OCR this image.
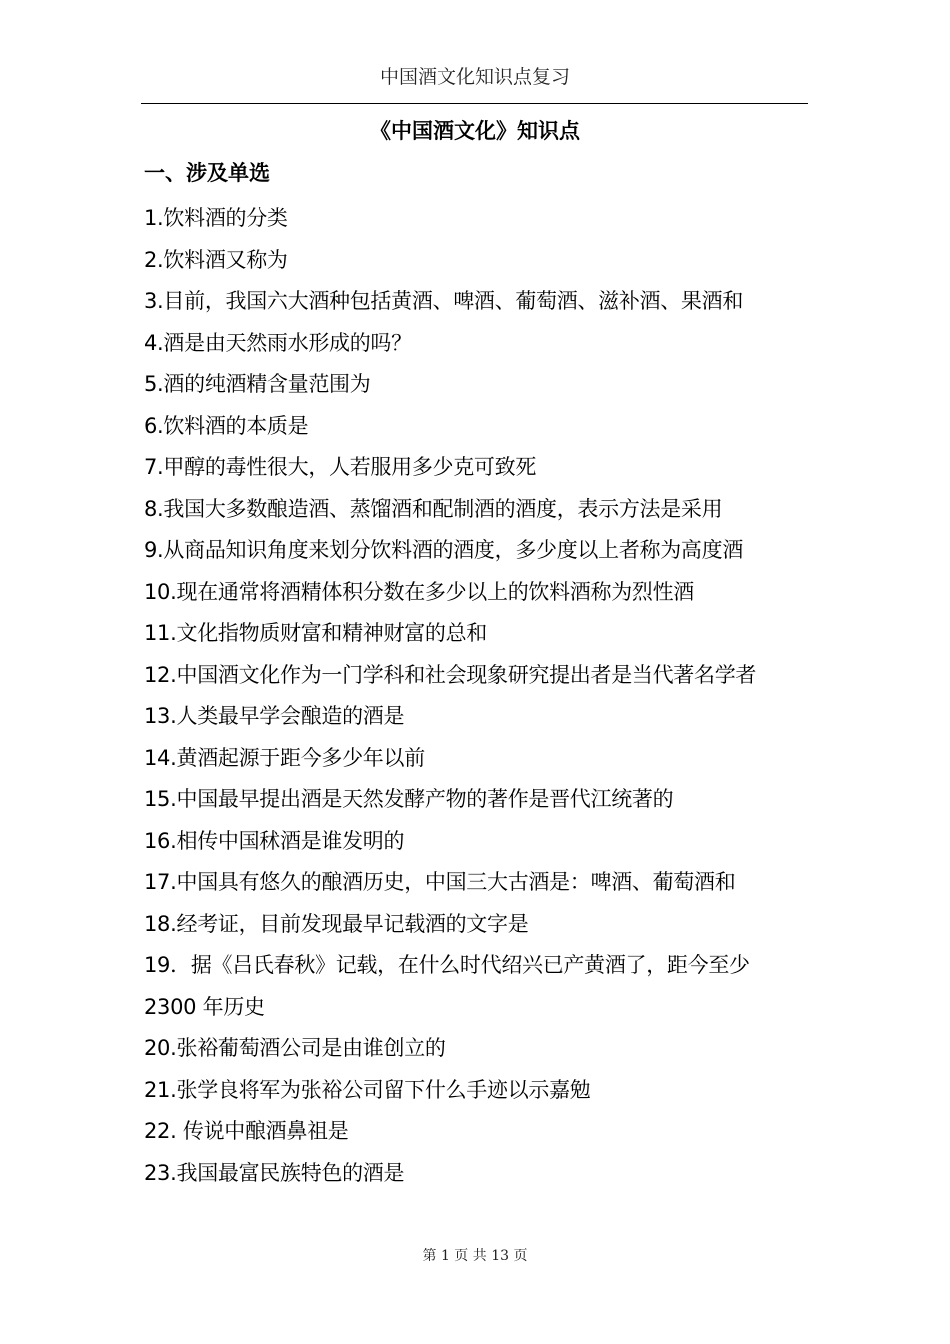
中国酒文化知识点复习
《中国酒文化》知识点
一、涉及单选
1.饮料酒的分类
2.饮料酒又称为
3.目前，我国六大酒种包括黄酒、啤酒、葡萄酒、滋补酒、果酒和
4.酒是由天然雨水形成的吗？
5.酒的纯酒精含量范围为
6.饮料酒的本质是
7.甲醇的毒性很大，人若服用多少克可致死
8.我国大多数酿造酒、蒸馏酒和配制酒的酒度，表示方法是采用
9.从商品知识角度来划分饮料酒的酒度，多少度以上者称为高度酒
10.现在通常将酒精体积分数在多少以上的饮料酒称为烈性酒
11.文化指物质财富和精神财富的总和
12.中国酒文化作为一门学科和社会现象研究提出者是当代著名学者
13.人类最早学会酿造的酒是
14.黄酒起源于距今多少年以前
15.中国最早提出酒是天然发酵产物的著作是晋代江统著的
16.相传中国秫酒是谁发明的
17.中国具有悠久的酿酒历史，中国三大古酒是：啤酒、葡萄酒和
18.经考证，目前发现最早记载酒的文字是
19．据《吕氏春秋》记载，在什么时代绍兴已产黄酒了，距今至少
2300 年历史
20.张裕葡萄酒公司是由谁创立的
21.张学良将军为张裕公司留下什么手迹以示嘉勉
22. 传说中酿酒鼻祖是
23.我国最富民族特色的酒是
第 1 页 共 13 页
